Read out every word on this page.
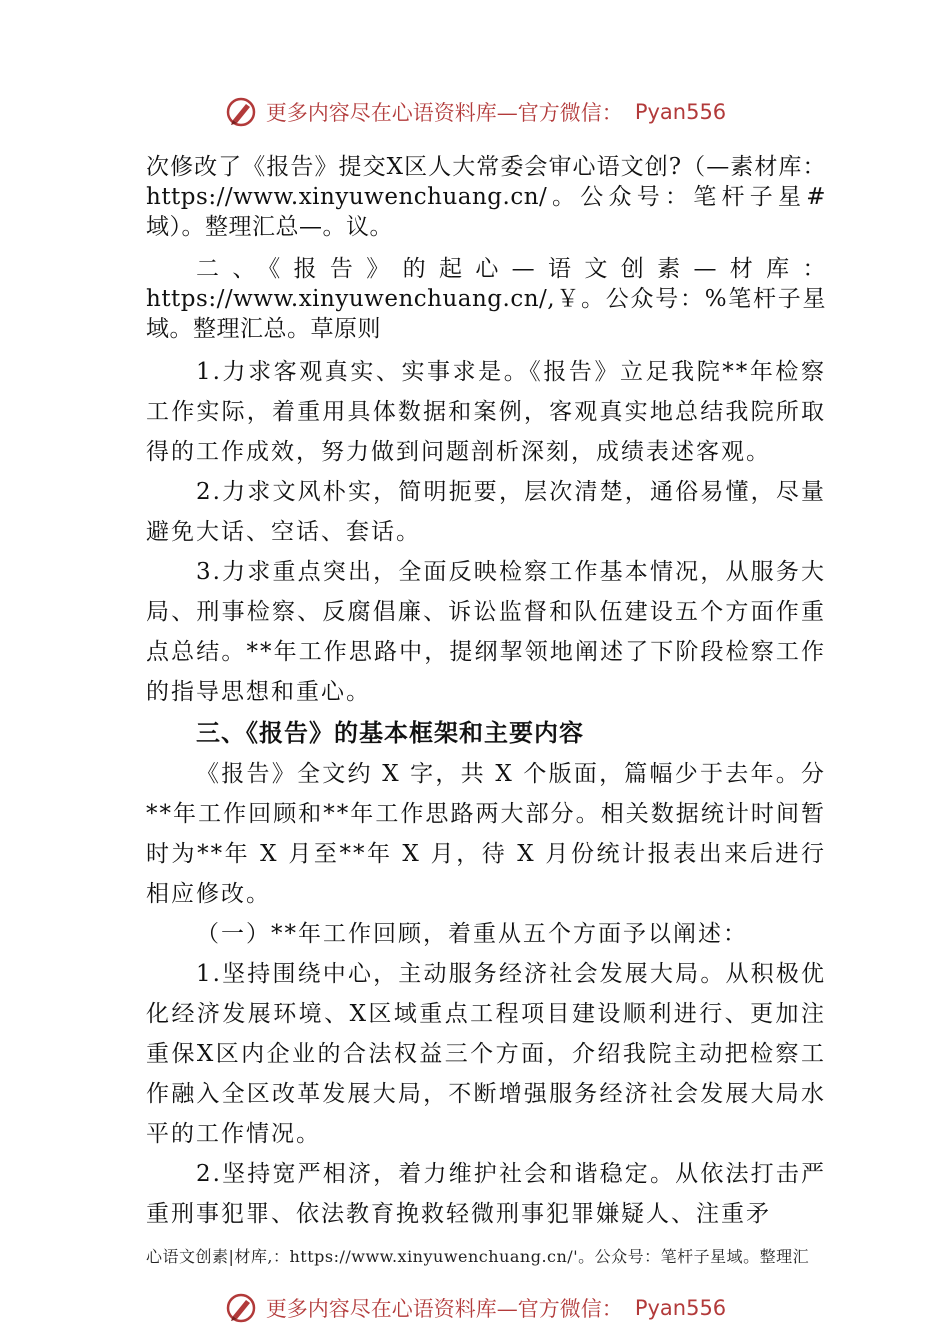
更多内容尽在心语资料库—官方微信： Pyan556

次修改了《报告》提交X区人大常委会审心语文创?（—素材库：https://www.xinyuwenchuang.cn/。公众号：笔杆子星#域）。整理汇总—。议。

二、《报告》的起心—语文创素—材库：https://www.xinyuwenchuang.cn/,￥。公众号：%笔杆子星域。整理汇总。草原则

1.力求客观真实、实事求是。《报告》立足我院**年检察工作实际，着重用具体数据和案例，客观真实地总结我院所取得的工作成效，努力做到问题剖析深刻，成绩表述客观。

2.力求文风朴实，简明扼要，层次清楚，通俗易懂，尽量避免大话、空话、套话。

3.力求重点突出，全面反映检察工作基本情况，从服务大局、刑事检察、反腐倡廉、诉讼监督和队伍建设五个方面作重点总结。**年工作思路中，提纲挈领地阐述了下阶段检察工作的指导思想和重心。

三、《报告》的基本框架和主要内容

《报告》全文约 X 字，共 X 个版面，篇幅少于去年。分**年工作回顾和**年工作思路两大部分。相关数据统计时间暂时为**年 X 月至**年 X 月，待 X 月份统计报表出来后进行相应修改。

（一）**年工作回顾，着重从五个方面予以阐述：

1.坚持围绕中心，主动服务经济社会发展大局。从积极优化经济发展环境、X区域重点工程项目建设顺利进行、更加注重保X区内企业的合法权益三个方面，介绍我院主动把检察工作融入全区改革发展大局，不断增强服务经济社会发展大局水平的工作情况。

2.坚持宽严相济，着力维护社会和谐稳定。从依法打击严重刑事犯罪、依法教育挽救轻微刑事犯罪嫌疑人、注重矛

心语文创素|材库,：https://www.xinyuwenchuang.cn/'。公众号：笔杆子星域。整理汇
更多内容尽在心语资料库—官方微信： Pyan556
